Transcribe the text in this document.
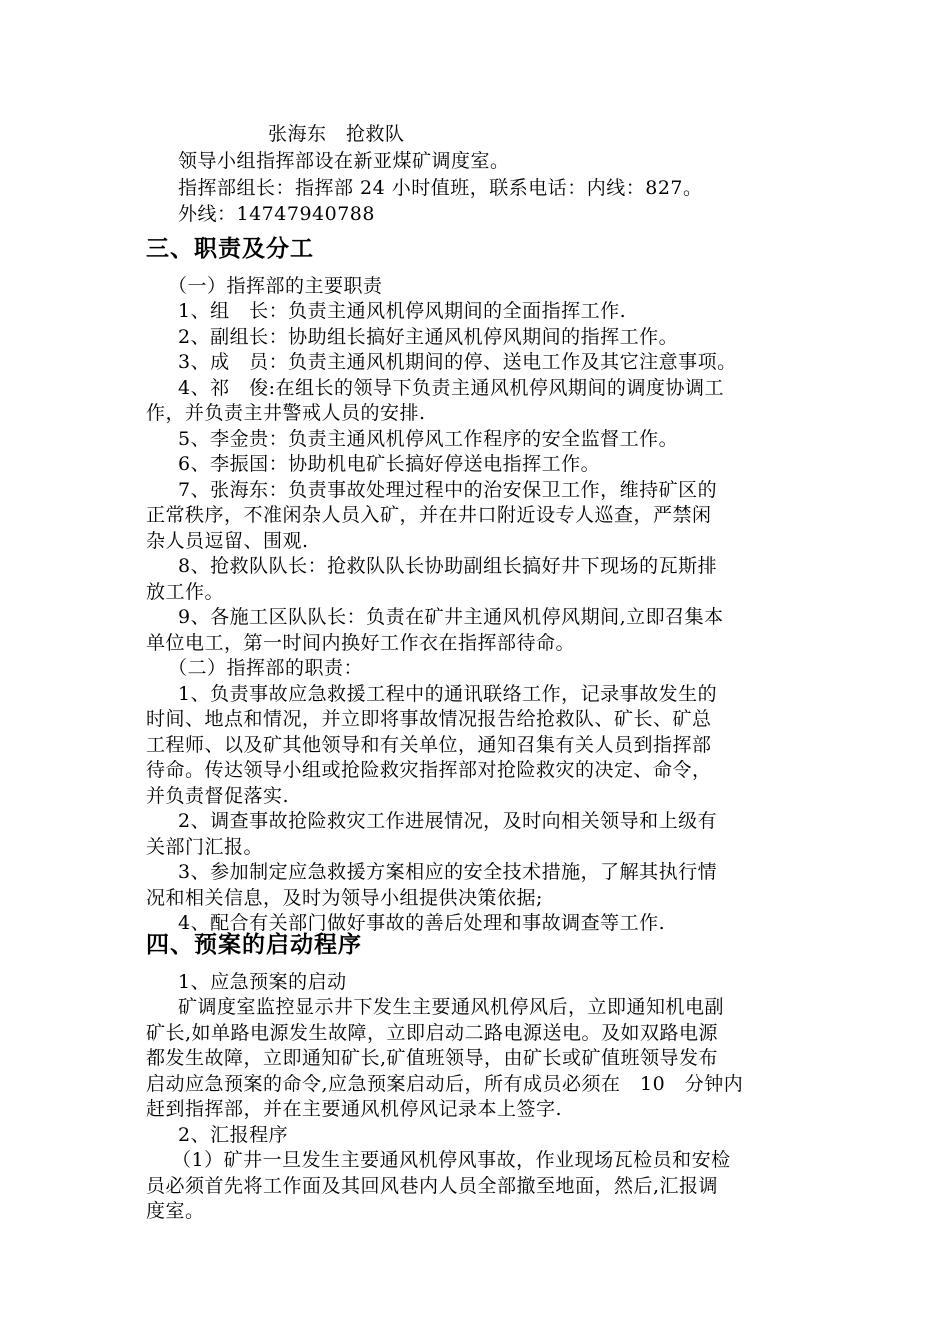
张海东　抢救队
领导小组指挥部设在新亚煤矿调度室。
指挥部组长：指挥部 24 小时值班，联系电话：内线：827。
外线：14747940788
三、职责及分工
（一）指挥部的主要职责
1、组　长：负责主通风机停风期间的全面指挥工作.
2、副组长：协助组长搞好主通风机停风期间的指挥工作。
3、成　员：负责主通风机期间的停、送电工作及其它注意事项。
4、祁　俊:在组长的领导下负责主通风机停风期间的调度协调工
作，并负责主井警戒人员的安排.
5、李金贵：负责主通风机停风工作程序的安全监督工作。
6、李振国：协助机电矿长搞好停送电指挥工作。
7、张海东：负责事故处理过程中的治安保卫工作，维持矿区的
正常秩序，不准闲杂人员入矿，并在井口附近设专人巡查，严禁闲
杂人员逗留、围观.
8、抢救队队长：抢救队队长协助副组长搞好井下现场的瓦斯排
放工作。
9、各施工区队队长：负责在矿井主通风机停风期间,立即召集本
单位电工，第一时间内换好工作衣在指挥部待命。
（二）指挥部的职责：
1、负责事故应急救援工程中的通讯联络工作，记录事故发生的
时间、地点和情况，并立即将事故情况报告给抢救队、矿长、矿总
工程师、以及矿其他领导和有关单位，通知召集有关人员到指挥部
待命。传达领导小组或抢险救灾指挥部对抢险救灾的决定、命令，
并负责督促落实.
2、调查事故抢险救灾工作进展情况，及时向相关领导和上级有
关部门汇报。
3、参加制定应急救援方案相应的安全技术措施，了解其执行情
况和相关信息，及时为领导小组提供决策依据;
4、配合有关部门做好事故的善后处理和事故调查等工作.
四、预案的启动程序
1、应急预案的启动
矿调度室监控显示井下发生主要通风机停风后，立即通知机电副
矿长,如单路电源发生故障，立即启动二路电源送电。及如双路电源
都发生故障，立即通知矿长,矿值班领导，由矿长或矿值班领导发布
启动应急预案的命令,应急预案启动后，所有成员必须在　10　分钟内
赶到指挥部，并在主要通风机停风记录本上签字.
2、汇报程序
（1）矿井一旦发生主要通风机停风事故，作业现场瓦检员和安检
员必须首先将工作面及其回风巷内人员全部撤至地面，然后,汇报调
度室。
